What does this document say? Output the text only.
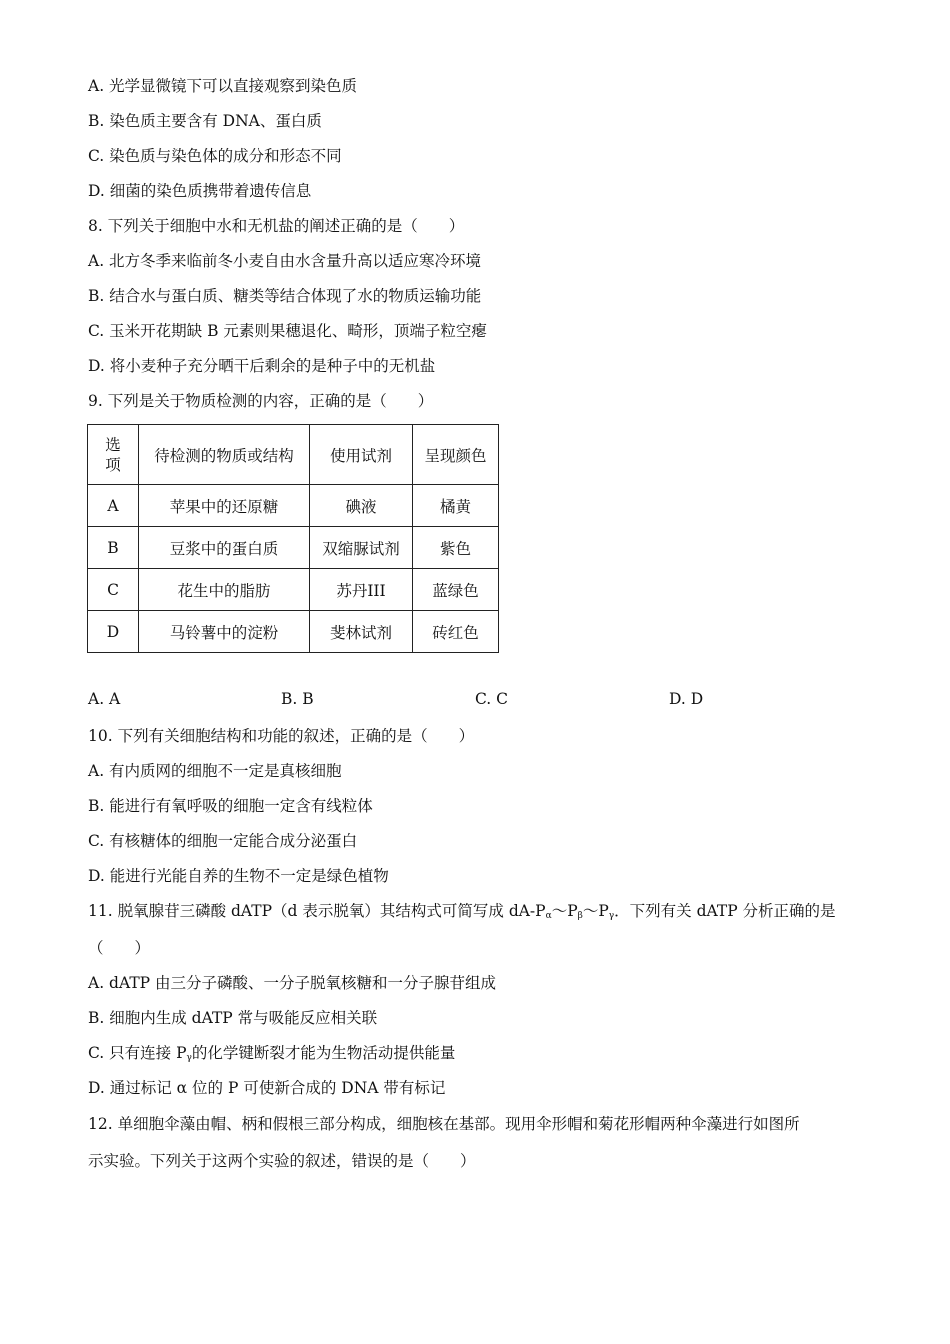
A. 光学显微镜下可以直接观察到染色质
B. 染色质主要含有 DNA、蛋白质
C. 染色质与染色体的成分和形态不同
D. 细菌的染色质携带着遗传信息
8. 下列关于细胞中水和无机盐的阐述正确的是（　　）
A. 北方冬季来临前冬小麦自由水含量升高以适应寒冷环境
B. 结合水与蛋白质、糖类等结合体现了水的物质运输功能
C. 玉米开花期缺 B 元素则果穗退化、畸形，顶端子粒空瘪
D. 将小麦种子充分晒干后剩余的是种子中的无机盐
9. 下列是关于物质检测的内容，正确的是（　　）
选
项	待检测的物质或结构	使用试剂	呈现颜色
A	苹果中的还原糖	碘液	橘黄
B	豆浆中的蛋白质	双缩脲试剂	紫色
C	花生中的脂肪	苏丹III	蓝绿色
D	马铃薯中的淀粉	斐林试剂	砖红色
A. A	B. B	C. C	D. D
10. 下列有关细胞结构和功能的叙述，正确的是（　　）
A. 有内质网的细胞不一定是真核细胞
B. 能进行有氧呼吸的细胞一定含有线粒体
C. 有核糖体的细胞一定能合成分泌蛋白
D. 能进行光能自养的生物不一定是绿色植物
11. 脱氧腺苷三磷酸 dATP（d 表示脱氧）其结构式可简写成 $dA-P_\alpha\sim P_\beta\sim P_\gamma$．下列有关 dATP 分析正确的是
（　　）
A. dATP 由三分子磷酸、一分子脱氧核糖和一分子腺苷组成
B. 细胞内生成 dATP 常与吸能反应相关联
C. 只有连接 $P_\gamma$的化学键断裂才能为生物活动提供能量
D. 通过标记 α 位的 P 可使新合成的 DNA 带有标记
12. 单细胞伞藻由帽、柄和假根三部分构成，细胞核在基部。现用伞形帽和菊花形帽两种伞藻进行如图所
示实验。下列关于这两个实验的叙述，错误的是（　　）
